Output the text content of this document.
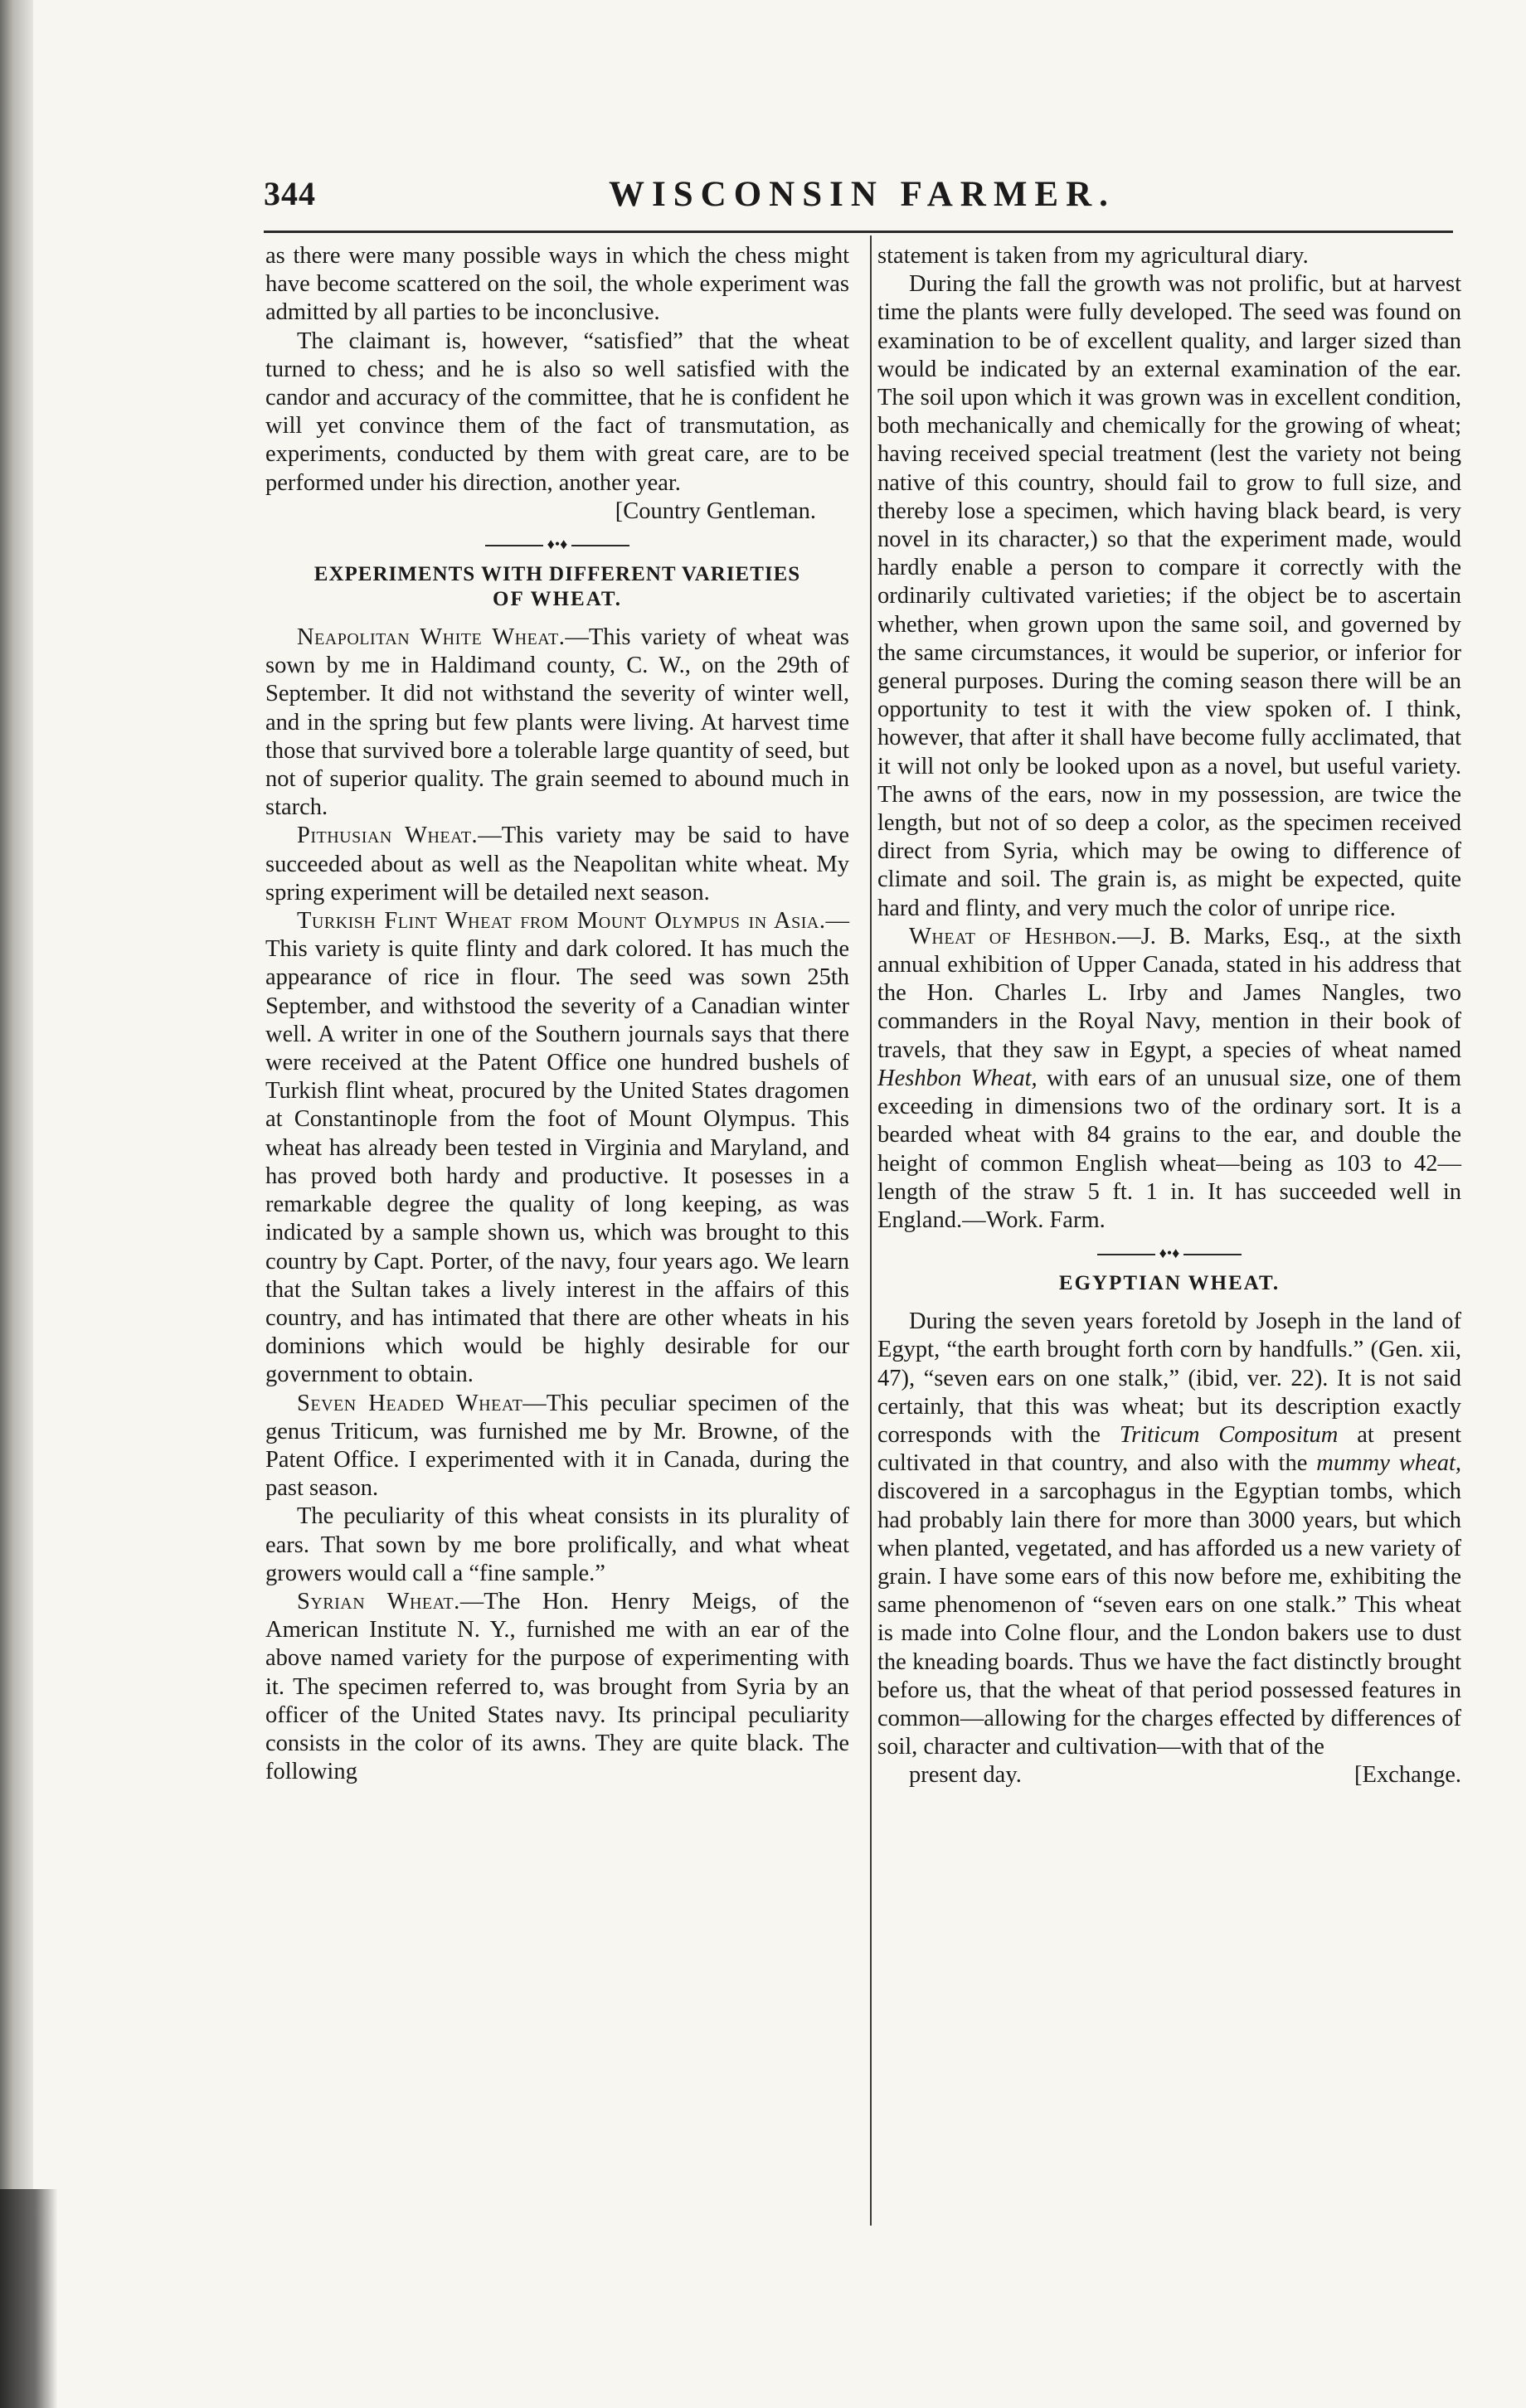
344	WISCONSIN FARMER.

as there were many possible ways in which the chess might have become scattered on the soil, the whole experiment was admitted by all parties to be inconclusive.

The claimant is, however, “satisfied” that the wheat turned to chess; and he is also so well satisfied with the candor and accuracy of the committee, that he is confident he will yet convince them of the fact of transmutation, as experiments, conducted by them with great care, are to be performed under his direction, another year.

[Country Gentleman.

♦•♦
EXPERIMENTS WITH DIFFERENT VARIETIES
OF WHEAT.

Neapolitan White Wheat.—This variety of wheat was sown by me in Haldimand county, C. W., on the 29th of September. It did not withstand the severity of winter well, and in the spring but few plants were living. At harvest time those that survived bore a tolerable large quantity of seed, but not of superior quality. The grain seemed to abound much in starch.

Pithusian Wheat.—This variety may be said to have succeeded about as well as the Neapolitan white wheat. My spring experiment will be detailed next season.

Turkish Flint Wheat from Mount Olympus in Asia.—This variety is quite flinty and dark colored. It has much the appearance of rice in flour. The seed was sown 25th September, and withstood the severity of a Canadian winter well. A writer in one of the Southern journals says that there were received at the Patent Office one hundred bushels of Turkish flint wheat, procured by the United States dragomen at Constantinople from the foot of Mount Olympus. This wheat has already been tested in Virginia and Maryland, and has proved both hardy and productive. It posesses in a remarkable degree the quality of long keeping, as was indicated by a sample shown us, which was brought to this country by Capt. Porter, of the navy, four years ago. We learn that the Sultan takes a lively interest in the affairs of this country, and has intimated that there are other wheats in his dominions which would be highly desirable for our government to obtain.

Seven Headed Wheat—This peculiar specimen of the genus Triticum, was furnished me by Mr. Browne, of the Patent Office. I experimented with it in Canada, during the past season.

The peculiarity of this wheat consists in its plurality of ears. That sown by me bore prolifically, and what wheat growers would call a “fine sample.”

Syrian Wheat.—The Hon. Henry Meigs, of the American Institute N. Y., furnished me with an ear of the above named variety for the purpose of experimenting with it. The specimen referred to, was brought from Syria by an officer of the United States navy. Its principal peculiarity consists in the color of its awns. They are quite black. The following

statement is taken from my agricultural diary.

During the fall the growth was not prolific, but at harvest time the plants were fully developed. The seed was found on examination to be of excellent quality, and larger sized than would be indicated by an external examination of the ear. The soil upon which it was grown was in excellent condition, both mechanically and chemically for the growing of wheat; having received special treatment (lest the variety not being native of this country, should fail to grow to full size, and thereby lose a specimen, which having black beard, is very novel in its character,) so that the experiment made, would hardly enable a person to compare it correctly with the ordinarily cultivated varieties; if the object be to ascertain whether, when grown upon the same soil, and governed by the same circumstances, it would be superior, or inferior for general purposes. During the coming season there will be an opportunity to test it with the view spoken of. I think, however, that after it shall have become fully acclimated, that it will not only be looked upon as a novel, but useful variety. The awns of the ears, now in my possession, are twice the length, but not of so deep a color, as the specimen received direct from Syria, which may be owing to difference of climate and soil. The grain is, as might be expected, quite hard and flinty, and very much the color of unripe rice.

Wheat of Heshbon.—J. B. Marks, Esq., at the sixth annual exhibition of Upper Canada, stated in his address that the Hon. Charles L. Irby and James Nangles, two commanders in the Royal Navy, mention in their book of travels, that they saw in Egypt, a species of wheat named Heshbon Wheat, with ears of an unusual size, one of them exceeding in dimensions two of the ordinary sort. It is a bearded wheat with 84 grains to the ear, and double the height of common English wheat—being as 103 to 42—length of the straw 5 ft. 1 in. It has succeeded well in England.—Work. Farm.

♦•♦
EGYPTIAN WHEAT.

During the seven years foretold by Joseph in the land of Egypt, “the earth brought forth corn by handfulls.” (Gen. xii, 47), “seven ears on one stalk,” (ibid, ver. 22). It is not said certainly, that this was wheat; but its description exactly corresponds with the Triticum Compositum at present cultivated in that country, and also with the mummy wheat, discovered in a sarcophagus in the Egyptian tombs, which had probably lain there for more than 3000 years, but which when planted, vegetated, and has afforded us a new variety of grain. I have some ears of this now before me, exhibiting the same phenomenon of “seven ears on one stalk.” This wheat is made into Colne flour, and the London bakers use to dust the kneading boards. Thus we have the fact distinctly brought before us, that the wheat of that period possessed features in common—allowing for the charges effected by differences of soil, character and cultivation—with that of the

present day.	[Exchange.
